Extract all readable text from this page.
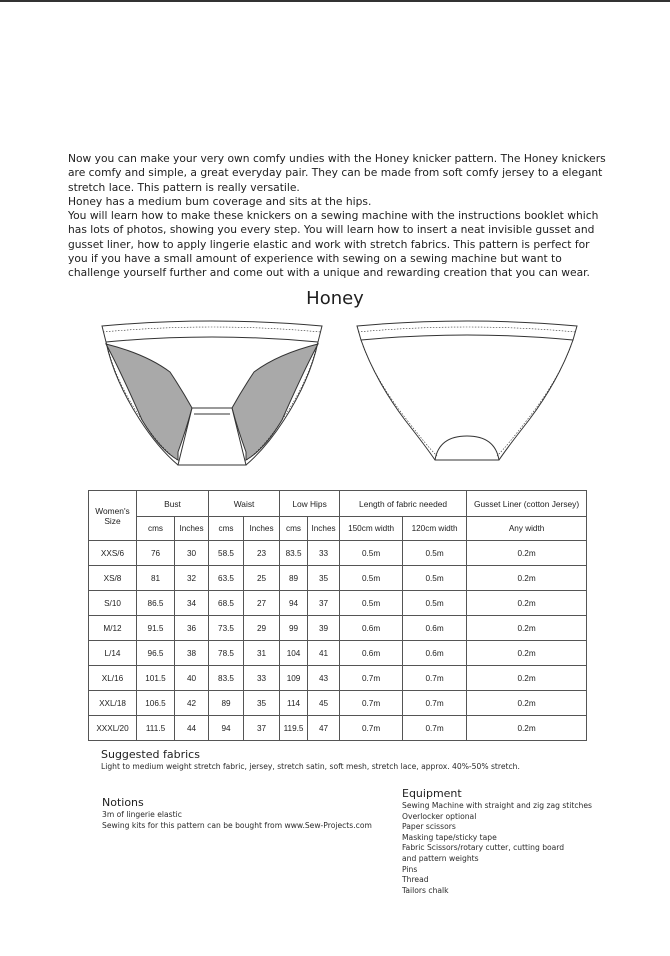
Now you can make your very own comfy undies with the Honey knicker pattern. The Honey knickers are comfy and simple, a great everyday pair. They can be made from soft comfy jersey to a elegant stretch lace. This pattern is really versatile.

Honey has a medium bum coverage and sits at the hips.

You will learn how to make these knickers on a sewing machine with the instructions booklet which has lots of photos, showing you every step. You will learn how to insert a neat invisible gusset and gusset liner, how to apply lingerie elastic and work with stretch fabrics. This pattern is perfect for you if you have a small amount of experience with sewing on a sewing machine but want to challenge yourself further and come out with a unique and rewarding creation that you can wear.

Honey
Women's Size	Bust		Waist		Low Hips		Length of fabric needed		Gusset Liner (cotton Jersey)
	cms	Inches	cms	Inches	cms	Inches	150cm width	120cm width	Any width
XXS/6	76	30	58.5	23	83.5	33	0.5m	0.5m	0.2m
XS/8	81	32	63.5	25	89	35	0.5m	0.5m	0.2m
S/10	86.5	34	68.5	27	94	37	0.5m	0.5m	0.2m
M/12	91.5	36	73.5	29	99	39	0.6m	0.6m	0.2m
L/14	96.5	38	78.5	31	104	41	0.6m	0.6m	0.2m
XL/16	101.5	40	83.5	33	109	43	0.7m	0.7m	0.2m
XXL/18	106.5	42	89	35	114	45	0.7m	0.7m	0.2m
XXXL/20	111.5	44	94	37	119.5	47	0.7m	0.7m	0.2m
Suggested fabrics
Light to medium weight stretch fabric, jersey, stretch satin, soft mesh, stretch lace, approx. 40%-50% stretch.
Notions
3m of lingerie elastic
Sewing kits for this pattern can be bought from www.Sew-Projects.com
Equipment
Sewing Machine with straight and zig zag stitches
Overlocker optional
Paper scissors
Masking tape/sticky tape
Fabric Scissors/rotary cutter, cutting board
and pattern weights
Pins
Thread
Tailors chalk
